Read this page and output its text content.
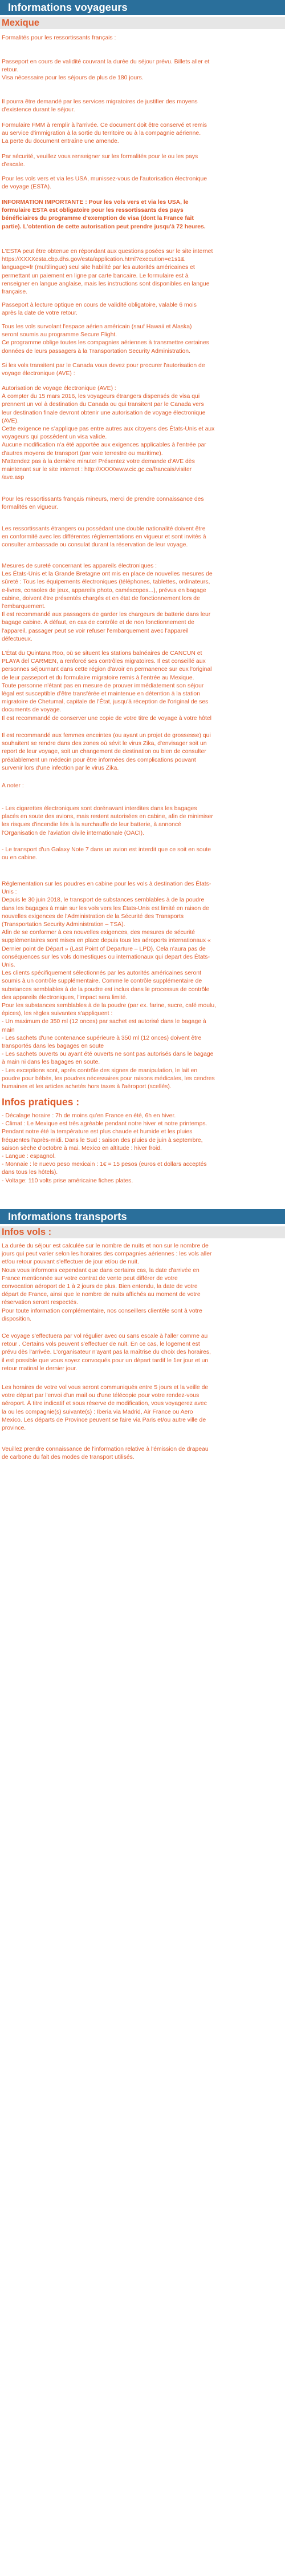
Informations voyageurs
Mexique
Formalités pour les ressortissants français :
Passeport en cours de validité couvrant la durée du séjour prévu. Billets aller et
retour.
Visa nécessaire pour les séjours de plus de 180 jours.
Il pourra être demandé par les services migratoires de justifier des moyens
d'existence durant le séjour.
Formulaire FMM à remplir à l'arrivée. Ce document doit être conservé et remis
au service d'immigration à la sortie du territoire ou à la compagnie aérienne.
La perte du document entraîne une amende.
Par sécurité, veuillez vous renseigner sur les formalités pour le ou les pays
d'escale.
Pour les vols vers et via les USA, munissez-vous de l'autorisation électronique
de voyage (ESTA).
INFORMATION IMPORTANTE : Pour les vols vers et via les USA, le
formulaire ESTA est obligatoire pour les ressortissants des pays
bénéficiaires du programme d'exemption de visa (dont la France fait
partie). L'obtention de cette autorisation peut prendre jusqu'à 72 heures.
L'ESTA peut être obtenue en répondant aux questions posées sur le site internet
https://XXXXesta.cbp.dhs.gov/esta/application.html?execution=e1s1&
language=fr (multilingue) seul site habilité par les autorités américaines et
permettant un paiement en ligne par carte bancaire. Le formulaire est à
renseigner en langue anglaise, mais les instructions sont disponibles en langue
française.
Passeport à lecture optique en cours de validité obligatoire, valable 6 mois
après la date de votre retour.
Tous les vols survolant l'espace aérien américain (sauf Hawaii et Alaska)
seront soumis au programme Secure Flight.
Ce programme oblige toutes les compagnies aériennes à transmettre certaines
données de leurs passagers à la Transportation Security Administration.
Si les vols transitent par le Canada vous devez pour procurer l'autorisation de
voyage électronique (AVE) :
Autorisation de voyage électronique (AVE) :
À compter du 15 mars 2016, les voyageurs étrangers dispensés de visa qui
prennent un vol à destination du Canada ou qui transitent par le Canada vers
leur destination finale devront obtenir une autorisation de voyage électronique
(AVE).
Cette exigence ne s'applique pas entre autres aux citoyens des États-Unis et aux
voyageurs qui possèdent un visa valide.
Aucune modification n'a été apportée aux exigences applicables à l'entrée par
d'autres moyens de transport (par voie terrestre ou maritime).
N'attendez pas à la dernière minute! Présentez votre demande d'AVE dès
maintenant sur le site internet : http://XXXXwww.cic.gc.ca/francais/visiter
/ave.asp
Pour les ressortissants français mineurs, merci de prendre connaissance des
formalités en vigueur.
Les ressortissants étrangers ou possédant une double nationalité doivent être
en conformité avec les différentes réglementations en vigueur et sont invités à
consulter ambassade ou consulat durant la réservation de leur voyage.
Mesures de sureté concernant les appareils électroniques :
Les États-Unis et la Grande Bretagne ont mis en place de nouvelles mesures de
sûreté : Tous les équipements électroniques (téléphones, tablettes, ordinateurs,
e-livres, consoles de jeux, appareils photo, caméscopes...), prévus en bagage
cabine, doivent être présentés chargés et en état de fonctionnement lors de
l'embarquement.
Il est recommandé aux passagers de garder les chargeurs de batterie dans leur
bagage cabine. À défaut, en cas de contrôle et de non fonctionnement de
l'appareil, passager peut se voir refuser l'embarquement avec l'appareil
défectueux.
L'État du Quintana Roo, où se situent les stations balnéaires de CANCUN et
PLAYA del CARMEN, a renforcé ses contrôles migratoires. Il est conseillé aux
personnes séjournant dans cette région d'avoir en permanence sur eux l'original
de leur passeport et du formulaire migratoire remis à l'entrée au Mexique.
Toute personne n'étant pas en mesure de prouver immédiatement son séjour
légal est susceptible d'être transférée et maintenue en détention à la station
migratoire de Chetumal, capitale de l'État, jusqu'à réception de l'original de ses
documents de voyage.
Il est recommandé de conserver une copie de votre titre de voyage à votre hôtel
Il est recommandé aux femmes enceintes (ou ayant un projet de grossesse) qui
souhaitent se rendre dans des zones où sévit le virus Zika, d'envisager soit un
report de leur voyage, soit un changement de destination ou bien de consulter
préalablement un médecin pour être informées des complications pouvant
survenir lors d'une infection par le virus Zika.
A noter :
- Les cigarettes électroniques sont dorénavant interdites dans les bagages
placés en soute des avions, mais restent autorisées en cabine, afin de minimiser
les risques d'incendie liés à la surchauffe de leur batterie, à annoncé
l'Organisation de l'aviation civile internationale (OACI).
- Le transport d'un Galaxy Note 7 dans un avion est interdit que ce soit en soute
ou en cabine.
Réglementation sur les poudres en cabine pour les vols à destination des États-
Unis :
Depuis le 30 juin 2018, le transport de substances semblables à de la poudre
dans les bagages à main sur les vols vers les États-Unis est limité en raison de
nouvelles exigences de l'Administration de la Sécurité des Transports
(Transportation Security Administration – TSA).
Afin de se conformer à ces nouvelles exigences, des mesures de sécurité
supplémentaires sont mises en place depuis tous les aéroports internationaux «
Dernier point de Départ » (Last Point of Departure – LPD). Cela n'aura pas de
conséquences sur les vols domestiques ou internationaux qui depart des États-
Unis.
Les clients spécifiquement sélectionnés par les autorités américaines seront
soumis à un contrôle supplémentaire. Comme le contrôle supplémentaire de
substances semblables à de la poudre est inclus dans le processus de contrôle
des appareils électroniques, l'impact sera limité.
Pour les substances semblables à de la poudre (par ex. farine, sucre, café moulu,
épices), les règles suivantes s'appliquent :
- Un maximum de 350 ml (12 onces) par sachet est autorisé dans le bagage à
main
- Les sachets d'une contenance supérieure à 350 ml (12 onces) doivent être
transportés dans les bagages en soute
- Les sachets ouverts ou ayant été ouverts ne sont pas autorisés dans le bagage
à main ni dans les bagages en soute.
- Les exceptions sont, après contrôle des signes de manipulation, le lait en
poudre pour bébés, les poudres nécessaires pour raisons médicales, les cendres
humaines et les articles achetés hors taxes à l'aéroport (scellés).
Infos pratiques :
- Décalage horaire : 7h de moins qu'en France en été, 6h en hiver.
- Climat : Le Mexique est très agréable pendant notre hiver et notre printemps.
Pendant notre été la température est plus chaude et humide et les pluies
fréquentes l'après-midi. Dans le Sud : saison des pluies de juin à septembre,
saison sèche d'octobre à mai. Mexico en altitude : hiver froid.
- Langue : espagnol.
- Monnaie : le nuevo peso mexicain : 1€ = 15 pesos (euros et dollars acceptés
dans tous les hôtels).
- Voltage: 110 volts prise américaine fiches plates.
Informations transports
Infos vols :
La durée du séjour est calculée sur le nombre de nuits et non sur le nombre de
jours qui peut varier selon les horaires des compagnies aériennes : les vols aller
et/ou retour pouvant s'effectuer de jour et/ou de nuit.
Nous vous informons cependant que dans certains cas, la date d'arrivée en
France mentionnée sur votre contrat de vente peut différer de votre
convocation aéroport de 1 à 2 jours de plus. Bien entendu, la date de votre
départ de France, ainsi que le nombre de nuits affichés au moment de votre
réservation seront respectés.
Pour toute information complémentaire, nos conseillers clientèle sont à votre
disposition.
Ce voyage s'effectuera par vol régulier avec ou sans escale à l'aller comme au
retour . Certains vols peuvent s'effectuer de nuit. En ce cas, le logement est
prévu dès l'arrivée. L'organisateur n'ayant pas la maîtrise du choix des horaires,
il est possible que vous soyez convoqués pour un départ tardif le 1er jour et un
retour matinal le dernier jour.
Les horaires de votre vol vous seront communiqués entre 5 jours et la veille de
votre départ par l'envoi d'un mail ou d'une télécopie pour votre rendez-vous
aéroport. À titre indicatif et sous réserve de modification, vous voyagerez avec
la ou les compagnie(s) suivante(s) : Iberia via Madrid, Air France ou Aero
Mexico. Les départs de Province peuvent se faire via Paris et/ou autre ville de
province.
Veuillez prendre connaissance de l'information relative à l'émission de drapeau
de carbone du fait des modes de transport utilisés.
